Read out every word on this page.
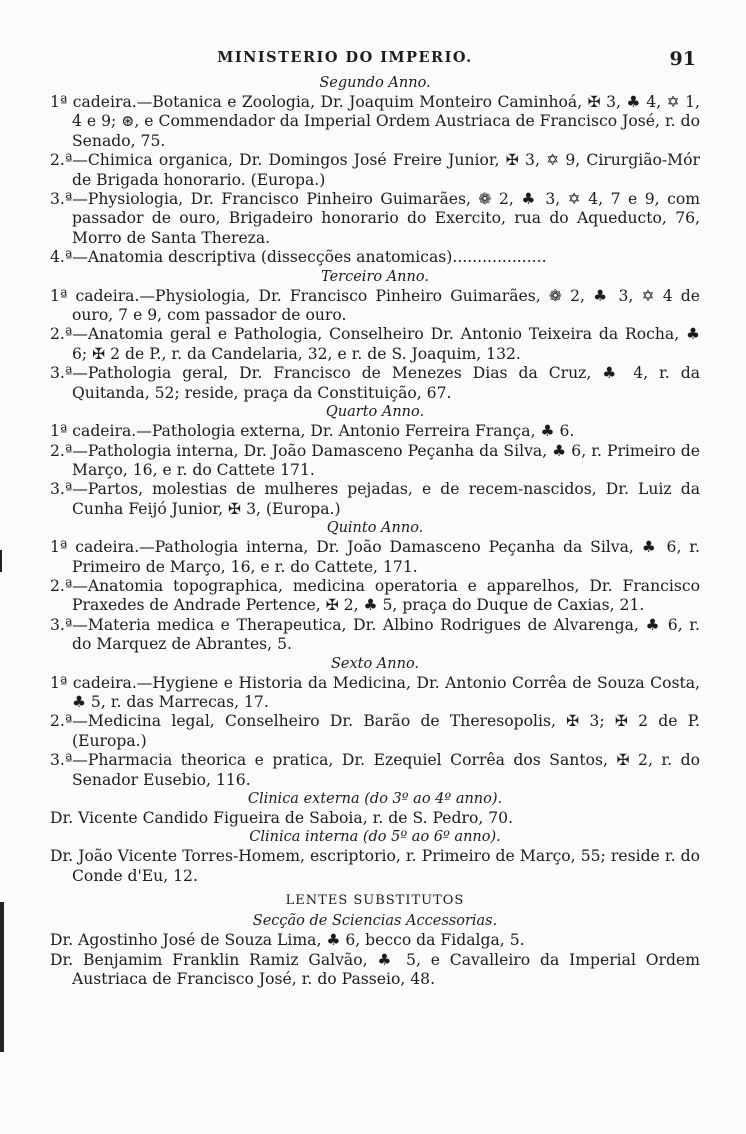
MINISTERIO DO IMPERIO.	91
Segundo Anno.
1ª cadeira.—Botanica e Zoologia, Dr. Joaquim Monteiro Caminhoá, ✠ 3, ♣ 4, ✡ 1, 4 e 9; ⊛, e Commendador da Imperial Ordem Austriaca de Francisco José, r. do Senado, 75.
2.ª—Chimica organica, Dr. Domingos José Freire Junior, ✠ 3, ✡ 9, Cirurgião-Mór de Brigada honorario. (Europa.)
3.ª—Physiologia, Dr. Francisco Pinheiro Guimarães, ❁ 2, ♣ 3, ✡ 4, 7 e 9, com passador de ouro, Brigadeiro honorario do Exercito, rua do Aqueducto, 76, Morro de Santa Thereza.
4.ª—Anatomia descriptiva (dissecções anatomicas)...................
Terceiro Anno.
1ª cadeira.—Physiologia, Dr. Francisco Pinheiro Guimarães, ❁ 2, ♣ 3, ✡ 4 de ouro, 7 e 9, com passador de ouro.
2.ª—Anatomia geral e Pathologia, Conselheiro Dr. Antonio Teixeira da Rocha, ♣ 6; ✠ 2 de P., r. da Candelaria, 32, e r. de S. Joaquim, 132.
3.ª—Pathologia geral, Dr. Francisco de Menezes Dias da Cruz, ♣ 4, r. da Quitanda, 52; reside, praça da Constituição, 67.
Quarto Anno.
1ª cadeira.—Pathologia externa, Dr. Antonio Ferreira França, ♣ 6.
2.ª—Pathologia interna, Dr. João Damasceno Peçanha da Silva, ♣ 6, r. Primeiro de Março, 16, e r. do Cattete 171.
3.ª—Partos, molestias de mulheres pejadas, e de recem-nascidos, Dr. Luiz da Cunha Feijó Junior, ✠ 3, (Europa.)
Quinto Anno.
1ª cadeira.—Pathologia interna, Dr. João Damasceno Peçanha da Silva, ♣ 6, r. Primeiro de Março, 16, e r. do Cattete, 171.
2.ª—Anatomia topographica, medicina operatoria e apparelhos, Dr. Francisco Praxedes de Andrade Pertence, ✠ 2, ♣ 5, praça do Duque de Caxias, 21.
3.ª—Materia medica e Therapeutica, Dr. Albino Rodrigues de Alvarenga, ♣ 6, r. do Marquez de Abrantes, 5.
Sexto Anno.
1ª cadeira.—Hygiene e Historia da Medicina, Dr. Antonio Corrêa de Souza Costa, ♣ 5, r. das Marrecas, 17.
2.ª—Medicina legal, Conselheiro Dr. Barão de Theresopolis, ✠ 3; ✠ 2 de P. (Europa.)
3.ª—Pharmacia theorica e pratica, Dr. Ezequiel Corrêa dos Santos, ✠ 2, r. do Senador Eusebio, 116.
Clinica externa (do 3º ao 4º anno).
Dr. Vicente Candido Figueira de Saboia, r. de S. Pedro, 70.
Clinica interna (do 5º ao 6º anno).
Dr. João Vicente Torres-Homem, escriptorio, r. Primeiro de Março, 55; reside r. do Conde d'Eu, 12.
LENTES SUBSTITUTOS
Secção de Sciencias Accessorias.
Dr. Agostinho José de Souza Lima, ♣ 6, becco da Fidalga, 5.
Dr. Benjamim Franklin Ramiz Galvão, ♣ 5, e Cavalleiro da Imperial Ordem Austriaca de Francisco José, r. do Passeio, 48.
